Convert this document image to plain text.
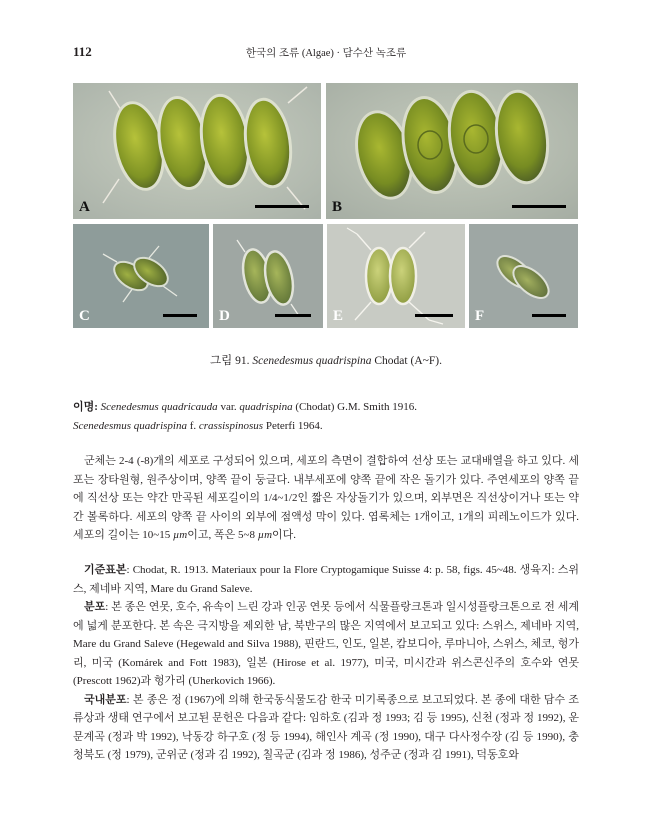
112	한국의 조류 (Algae) · 담수산 녹조류
A	B
C	D	E	F
그림 91. Scenedesmus quadrispina Chodat (A~F).
이명: Scenedesmus quadricauda var. quadrispina (Chodat) G.M. Smith 1916.
Scenedesmus quadrispina f. crassispinosus Peterfi 1964.
군체는 2-4 (-8)개의 세포로 구성되어 있으며, 세포의 측면이 결합하여 선상 또는 교대배열을 하고 있다. 세포는 장타원형, 원주상이며, 양쪽 끝이 둥글다. 내부세포에 양쪽 끝에 작은 돌기가 있다. 주연세포의 양쪽 끝에 직선상 또는 약간 만곡된 세포길이의 1/4~1/2인 짧은 자상돌기가 있으며, 외부면은 직선상이거나 또는 약간 볼록하다. 세포의 양쪽 끝 사이의 외부에 점액성 막이 있다. 엽록체는 1개이고, 1개의 피레노이드가 있다. 세포의 길이는 10~15 µm이고, 폭은 5~8 µm이다.

기준표본: Chodat, R. 1913. Materiaux pour la Flore Cryptogamique Suisse 4: p. 58, figs. 45~48. 생육지: 스위스, 제네바 지역, Mare du Grand Saleve.

분포: 본 종은 연못, 호수, 유속이 느린 강과 인공 연못 등에서 식물플랑크톤과 일시성플랑크톤으로 전 세계에 넓게 분포한다. 본 속은 극지방을 제외한 남, 북반구의 많은 지역에서 보고되고 있다: 스위스, 제네바 지역, Mare du Grand Saleve (Hegewald and Silva 1988), 핀란드, 인도, 일본, 캄보디아, 루마니아, 스위스, 체코, 헝가리, 미국 (Komárek and Fott 1983), 일본 (Hirose et al. 1977), 미국, 미시간과 위스콘신주의 호수와 연못 (Prescott 1962)과 헝가리 (Uherkovich 1966).

국내분포: 본 종은 정 (1967)에 의해 한국동식물도감 한국 미기록종으로 보고되었다. 본 종에 대한 담수 조류상과 생태 연구에서 보고된 문헌은 다음과 같다: 임하호 (김과 정 1993; 김 등 1995), 신천 (정과 정 1992), 운문계곡 (정과 박 1992), 낙동강 하구호 (정 등 1994), 해인사 계곡 (정 1990), 대구 다사정수장 (김 등 1990), 충청북도 (정 1979), 군위군 (정과 김 1992), 칠곡군 (김과 정 1986), 성주군 (정과 김 1991), 덕동호와
